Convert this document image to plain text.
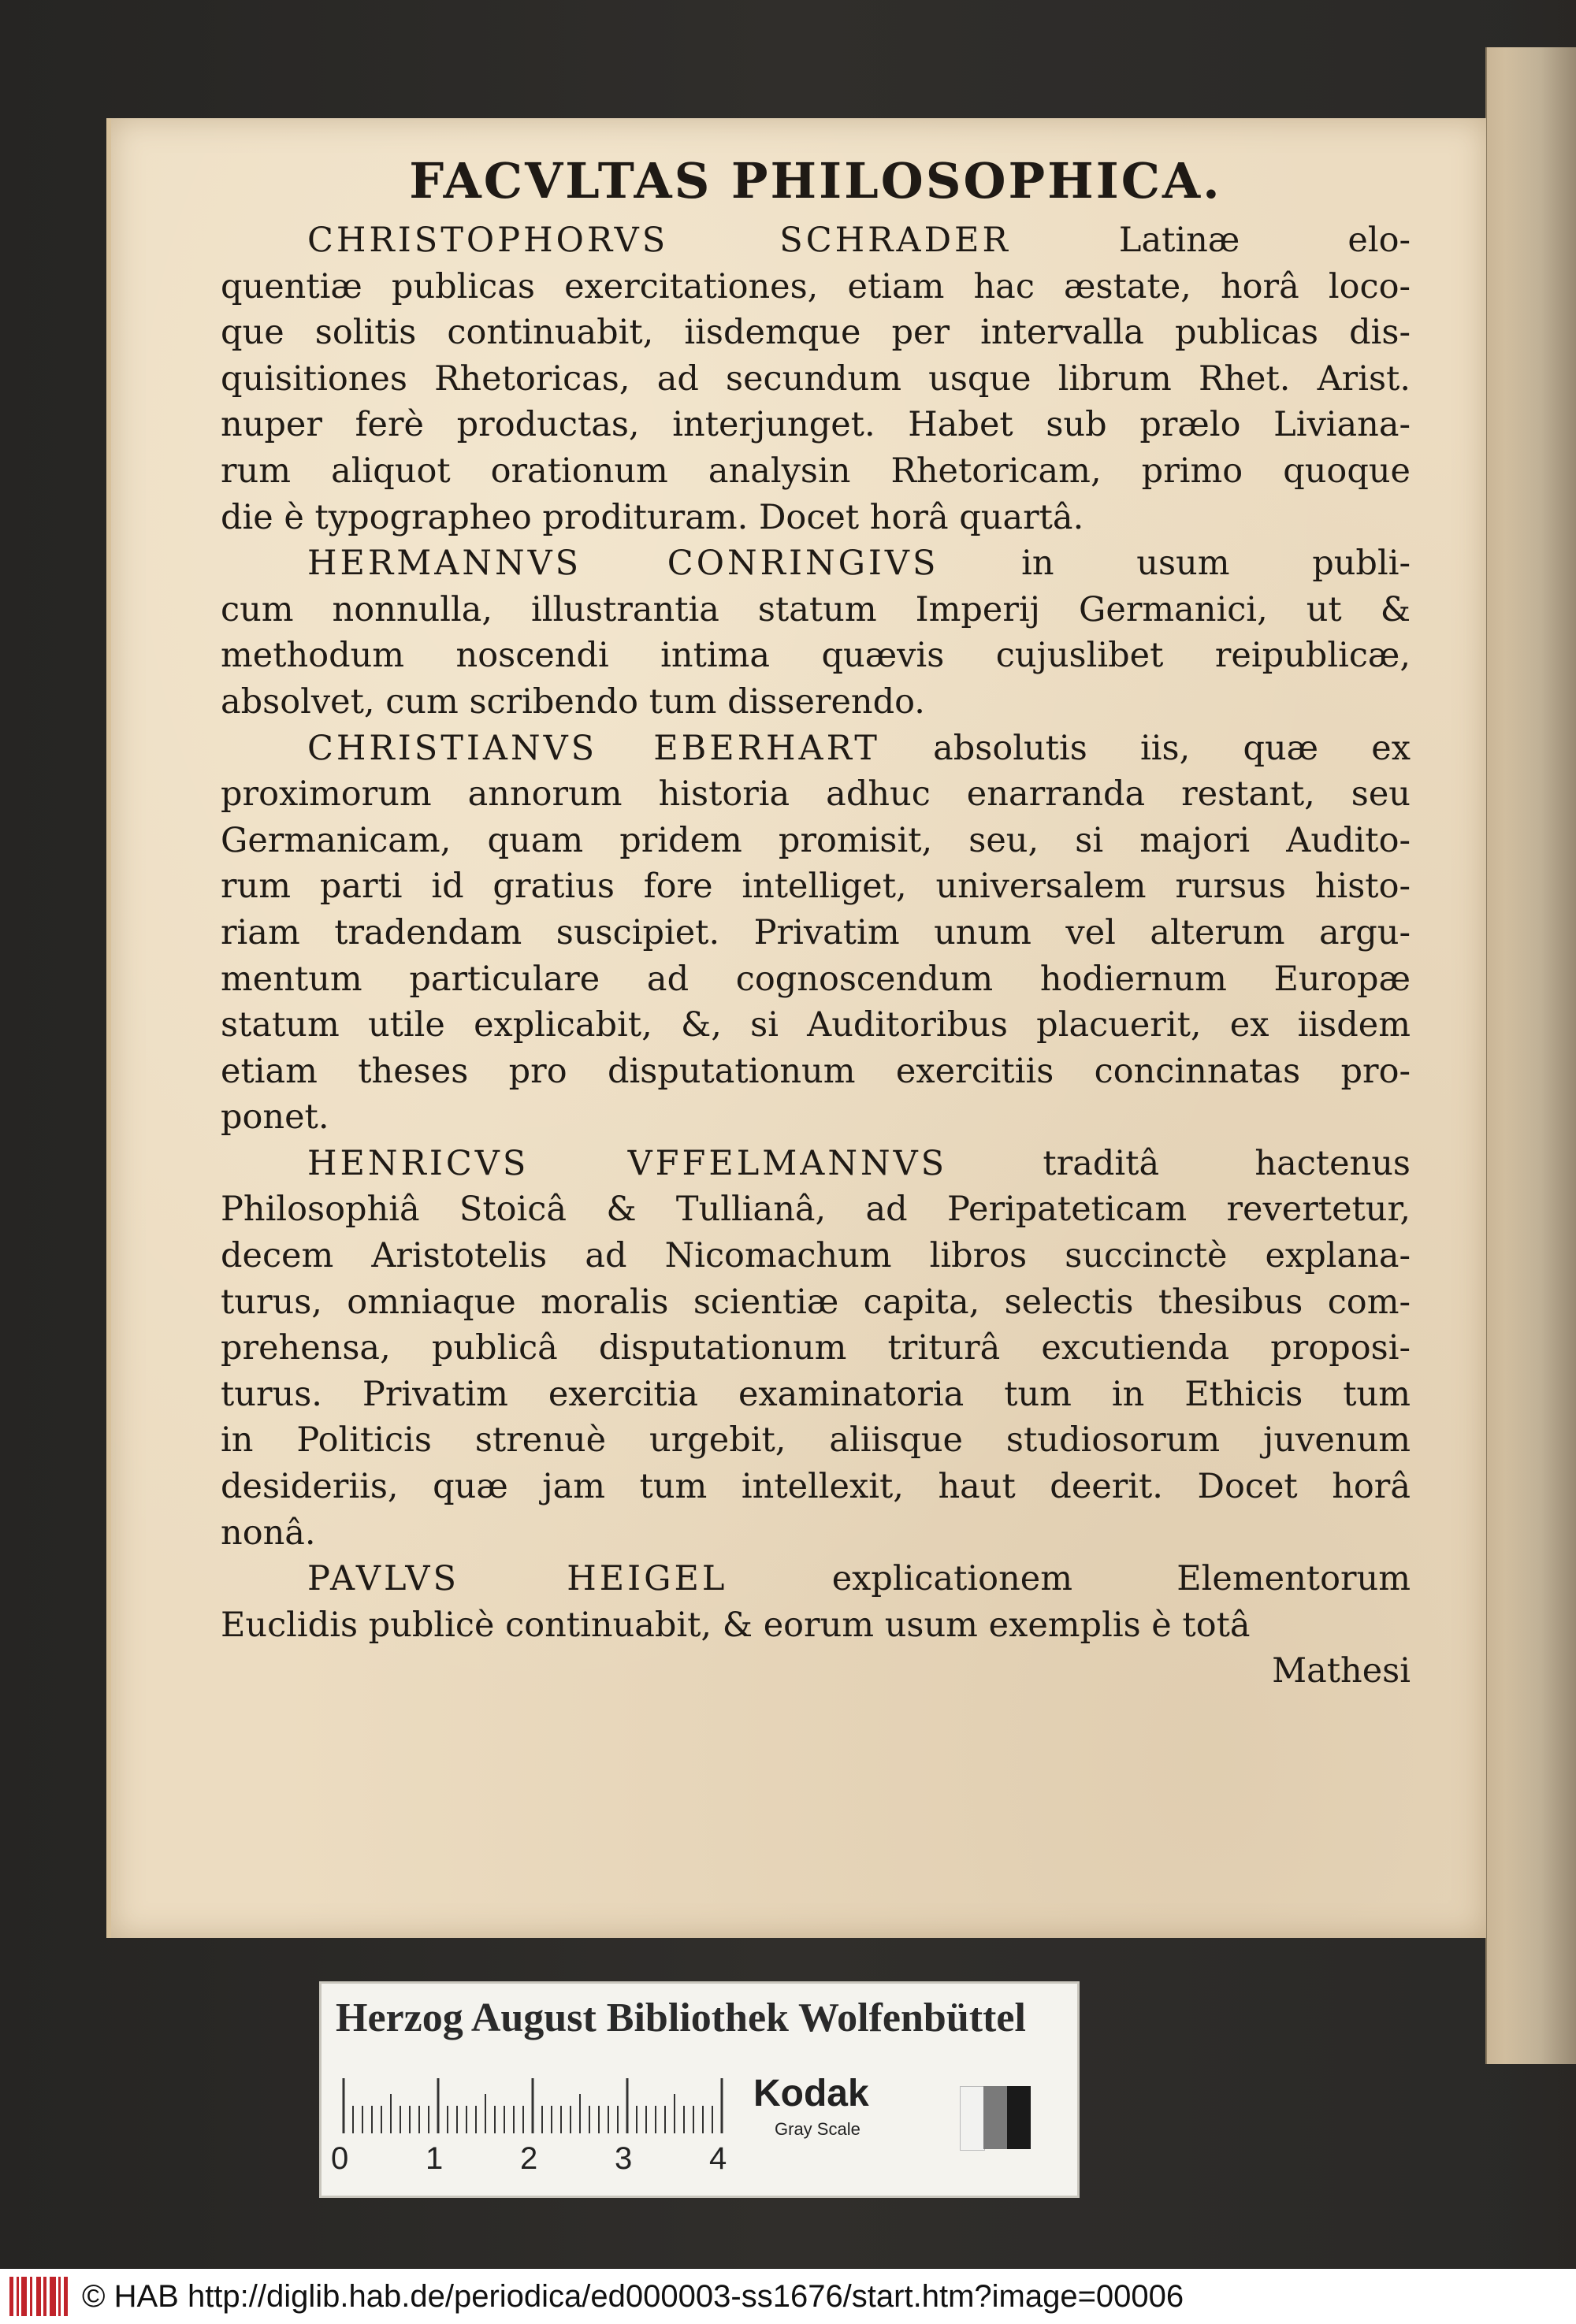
FACVLTAS PHILOSOPHICA.
CHRISTOPHORVS SCHRADER Latinæ elo-
quentiæ publicas exercitationes, etiam hac æstate, horâ loco-
que solitis continuabit, iisdemque per intervalla publicas dis-
quisitiones Rhetoricas, ad secundum usque librum Rhet. Arist.
nuper ferè productas, interjunget. Habet sub prælo Liviana-
rum aliquot orationum analysin Rhetoricam, primo quoque
die è typographeo prodituram. Docet horâ quartâ.
HERMANNVS CONRINGIVS in usum publi-
cum nonnulla, illustrantia statum Imperij Germanici, ut &
methodum noscendi intima quævis cujuslibet reipublicæ,
absolvet, cum scribendo tum disserendo.
CHRISTIANVS EBERHART absolutis iis, quæ ex
proximorum annorum historia adhuc enarranda restant, seu
Germanicam, quam pridem promisit, seu, si majori Audito-
rum parti id gratius fore intelliget, universalem rursus histo-
riam tradendam suscipiet. Privatim unum vel alterum argu-
mentum particulare ad cognoscendum hodiernum Europæ
statum utile explicabit, &, si Auditoribus placuerit, ex iisdem
etiam theses pro disputationum exercitiis concinnatas pro-
ponet.
HENRICVS VFFELMANNVS traditâ hactenus
Philosophiâ Stoicâ & Tullianâ, ad Peripateticam revertetur,
decem Aristotelis ad Nicomachum libros succinctè explana-
turus, omniaque moralis scientiæ capita, selectis thesibus com-
prehensa, publicâ disputationum triturâ excutienda proposi-
turus. Privatim exercitia examinatoria tum in Ethicis tum
in Politicis strenuè urgebit, aliisque studiosorum juvenum
desideriis, quæ jam tum intellexit, haut deerit. Docet horâ
nonâ.
PAVLVS HEIGEL explicationem Elementorum
Euclidis publicè continuabit, & eorum usum exemplis è totâ
Mathesi
Herzog August Bibliothek Wolfenbüttel
0 1 2 3 4
Kodak
Gray Scale
© HAB http://diglib.hab.de/periodica/ed000003-ss1676/start.htm?image=00006
